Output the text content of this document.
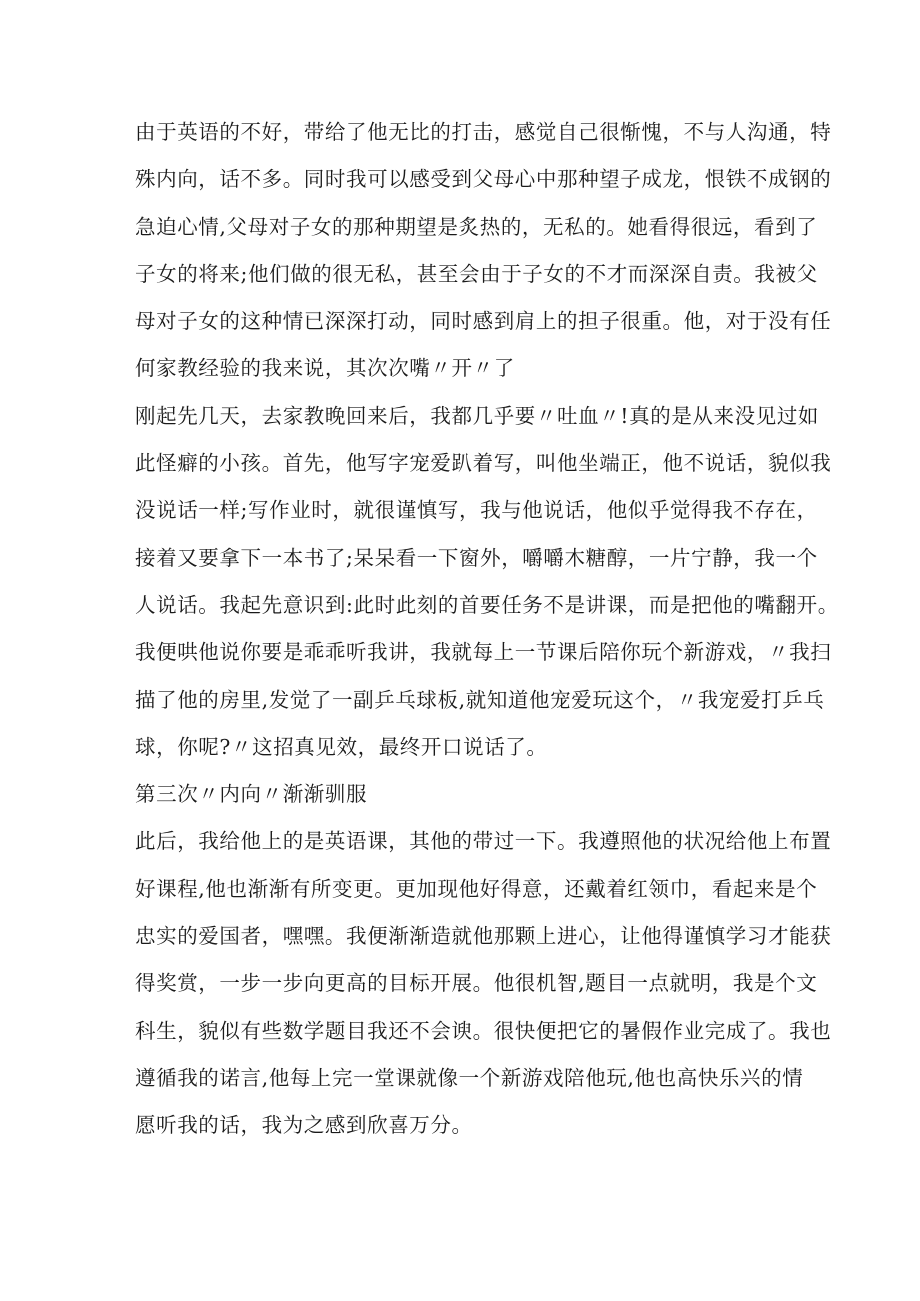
由于英语的不好，带给了他无比的打击，感觉自己很惭愧，不与人沟通，特
殊内向，话不多。同时我可以感受到父母心中那种望子成龙，恨铁不成钢的
急迫心情,父母对子女的那种期望是炙热的，无私的。她看得很远，看到了
子女的将来;他们做的很无私，甚至会由于子女的不才而深深自责。我被父
母对子女的这种情已深深打动，同时感到肩上的担子很重。他，对于没有任
何家教经验的我来说，其次次嘴〃开〃了
刚起先几天，去家教晚回来后，我都几乎要〃吐血〃!真的是从来没见过如
此怪癖的小孩。首先，他写字宠爱趴着写，叫他坐端正，他不说话，貌似我
没说话一样;写作业时，就很谨慎写，我与他说话，他似乎觉得我不存在，
接着又要拿下一本书了;呆呆看一下窗外，嚼嚼木糖醇，一片宁静，我一个
人说话。我起先意识到:此时此刻的首要任务不是讲课，而是把他的嘴翻开。
我便哄他说你要是乖乖听我讲，我就每上一节课后陪你玩个新游戏，〃我扫
描了他的房里,发觉了一副乒乓球板,就知道他宠爱玩这个，〃我宠爱打乒乓
球，你呢?〃这招真见效，最终开口说话了。
第三次〃内向〃渐渐驯服
此后，我给他上的是英语课，其他的带过一下。我遵照他的状况给他上布置
好课程,他也渐渐有所变更。更加现他好得意，还戴着红领巾，看起来是个
忠实的爱国者，嘿嘿。我便渐渐造就他那颗上进心，让他得谨慎学习才能获
得奖赏，一步一步向更高的目标开展。他很机智,题目一点就明，我是个文
科生，貌似有些数学题目我还不会谀。很快便把它的暑假作业完成了。我也
遵循我的诺言,他每上完一堂课就像一个新游戏陪他玩,他也高快乐兴的情
愿听我的话，我为之感到欣喜万分。
